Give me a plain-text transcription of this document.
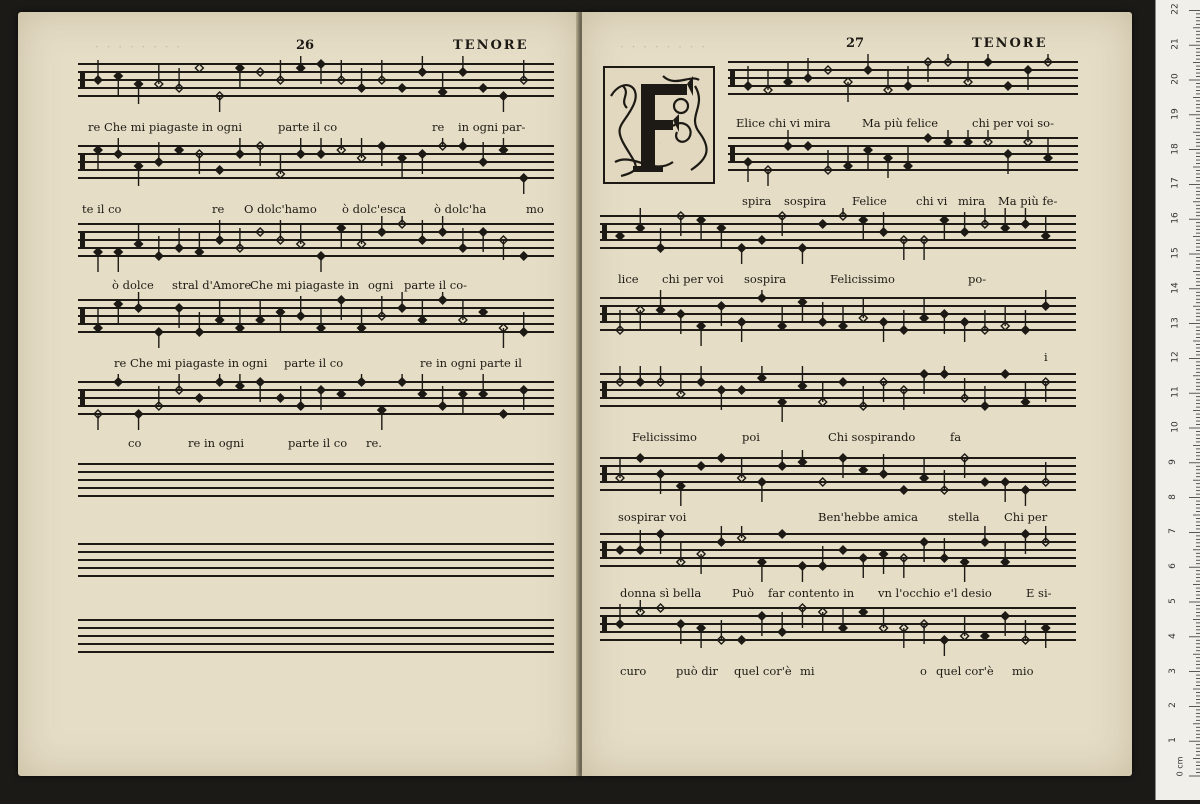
· · · · · · · ·	· · · · · · · ·
26	TENORE	27	TENORE
re Che mi piagaste in ogni	parte il co	re in ogni par-
te il co	re O dolc'hamo ò dolc'esca ò dolc'ha	mo
ò dolce stral d'Amore
Che mi piagaste in ogni parte il co-
re Che mi piagaste in ogni parte il co	re in ogni parte il
co	re in ogni	parte il co re.
F
Elice chi vi mira	Ma più felice	chi per voi so-
spira sospira Felice	chi vi mira Ma più fe-
lice chi per voi sospira	Felicissimo	po-
i
Felicissimo	poi	Chi sospirando	fa
sospirar voi	Ben'hebbe amica	stella Chi per
donna sì bella	Può far contento in vn l'occhio e'l desio	E si-
curo	può dir quel cor'è mi	o quel cor'è mio
1
2
3
4
5
6
7
8
9
10
11
12
13
14
15
16
17
18
19
20
21
22
0 cm
